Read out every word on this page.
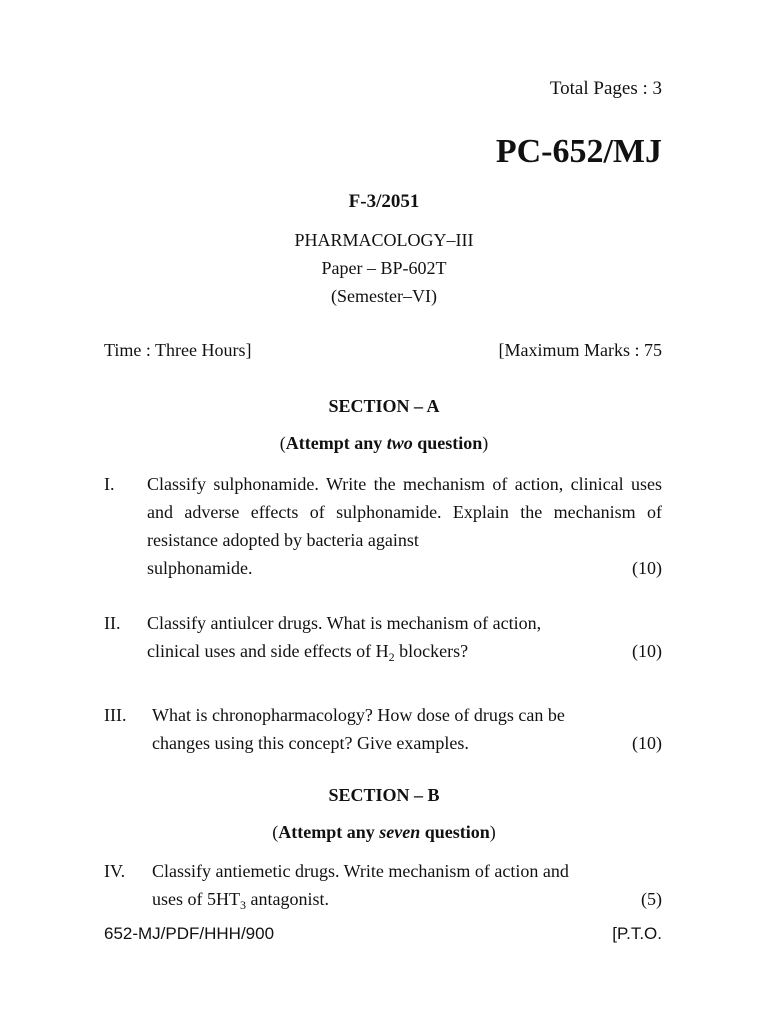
Total Pages : 3
PC-652/MJ
F-3/2051
PHARMACOLOGY–III
Paper – BP-602T
(Semester–VI)
Time : Three Hours]	[Maximum Marks : 75
SECTION – A
(Attempt any two question)
I. Classify sulphonamide. Write the mechanism of action, clinical uses and adverse effects of sulphonamide. Explain the mechanism of resistance adopted by bacteria against
sulphonamide.	(10)
II. Classify antiulcer drugs. What is mechanism of action,
clinical uses and side effects of $H_2$ blockers?	(10)
III. What is chronopharmacology? How dose of drugs can be
changes using this concept? Give examples.	(10)
SECTION – B
(Attempt any seven question)
IV. Classify antiemetic drugs. Write mechanism of action and
uses of $5HT_3$ antagonist.	(5)
652-MJ/PDF/HHH/900	[P.T.O.
